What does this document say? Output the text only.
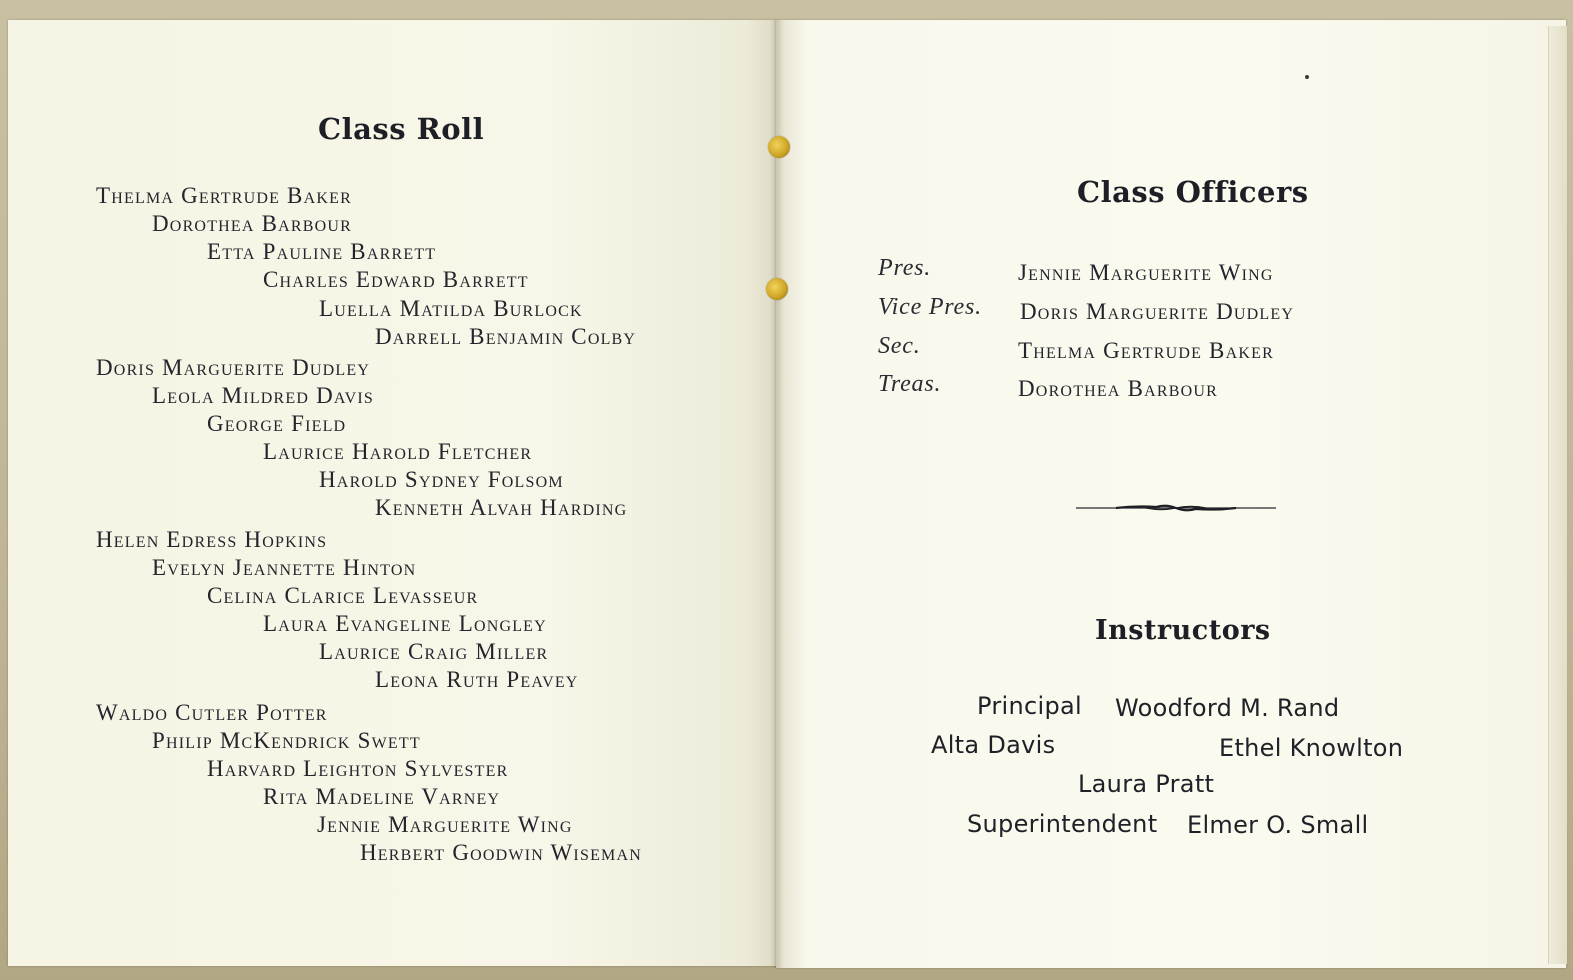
Class Roll
Thelma Gertrude Baker
Dorothea Barbour
Etta Pauline Barrett
Charles Edward Barrett
Luella Matilda Burlock
Darrell Benjamin Colby
Doris Marguerite Dudley
Leola Mildred Davis
George Field
Laurice Harold Fletcher
Harold Sydney Folsom
Kenneth Alvah Harding
Helen Edress Hopkins
Evelyn Jeannette Hinton
Celina Clarice Levasseur
Laura Evangeline Longley
Laurice Craig Miller
Leona Ruth Peavey
Waldo Cutler Potter
Philip McKendrick Swett
Harvard Leighton Sylvester
Rita Madeline Varney
Jennie Marguerite Wing
Herbert Goodwin Wiseman
Class Officers
Pres.	Jennie Marguerite Wing
Vice Pres. Doris Marguerite Dudley
Sec.	Thelma Gertrude Baker
Treas.	Dorothea Barbour
Instructors
Principal Woodford M. Rand
Alta Davis	Ethel Knowlton
Laura Pratt
Superintendent Elmer O. Small
